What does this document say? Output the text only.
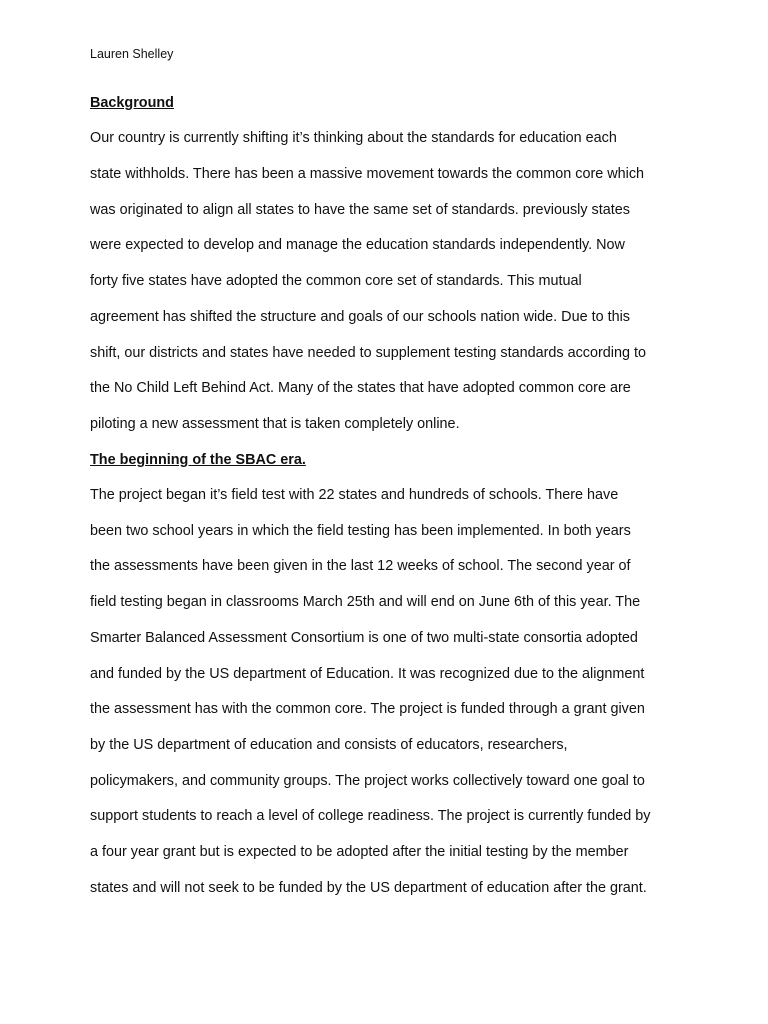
Lauren Shelley
Background
Our country is currently shifting it’s thinking about the standards for education each
state withholds. There has been a massive movement towards the common core which
was originated to align all states to have the same set of standards. previously states
were expected to develop and manage the education standards independently. Now
forty five states have adopted the common core set of standards. This mutual
agreement has shifted the structure and goals of our schools nation wide. Due to this
shift, our districts and states have needed to supplement testing standards according to
the No Child Left Behind Act. Many of the states that have adopted common core are
piloting a new assessment that is taken completely online.
The beginning of the SBAC era.
The project began it’s field test with 22 states and hundreds of schools. There have
been two school years in which the field testing has been implemented. In both years
the assessments have been given in the last 12 weeks of school. The second year of
field testing began in classrooms March 25th and will end on June 6th of this year. The
Smarter Balanced Assessment Consortium is one of two multi-state consortia adopted
and funded by the US department of Education. It was recognized due to the alignment
the assessment has with the common core. The project is funded through a grant given
by the US department of education and consists of educators, researchers,
policymakers, and community groups. The project works collectively toward one goal to
support students to reach a level of college readiness. The project is currently funded by
a four year grant but is expected to be adopted after the initial testing by the member
states and will not seek to be funded by the US department of education after the grant.
